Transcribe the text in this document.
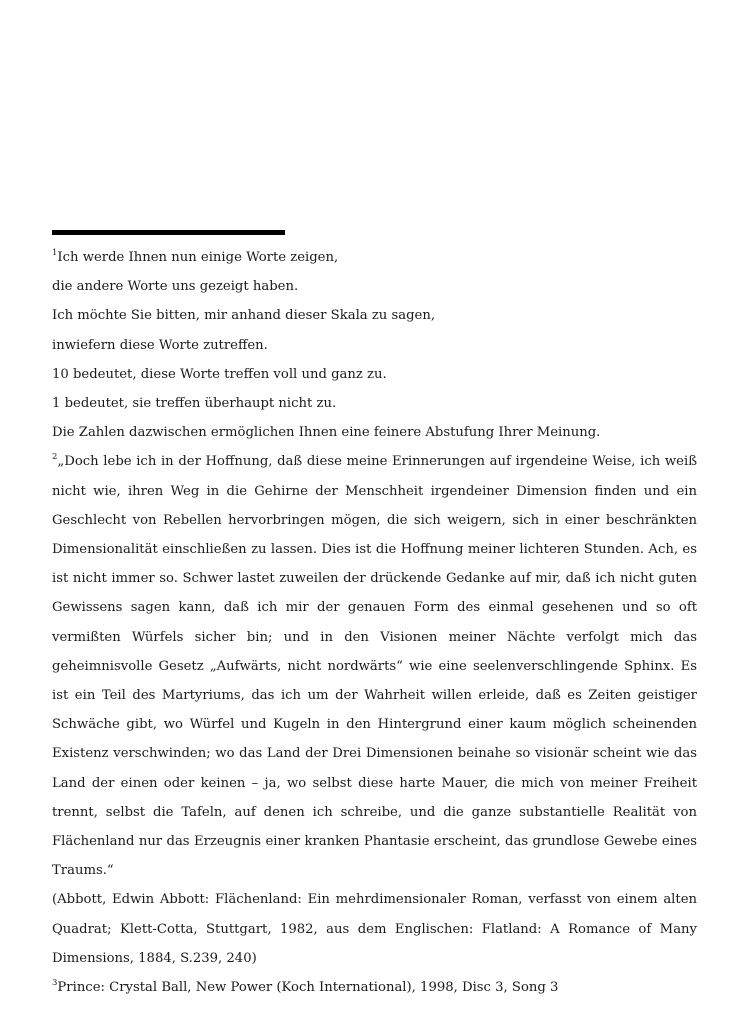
$^1$Ich werde Ihnen nun einige Worte zeigen,
die andere Worte uns gezeigt haben.
Ich möchte Sie bitten, mir anhand dieser Skala zu sagen,
inwiefern diese Worte zutreffen.
10 bedeutet, diese Worte treffen voll und ganz zu.
1 bedeutet, sie treffen überhaupt nicht zu.
Die Zahlen dazwischen ermöglichen Ihnen eine feinere Abstufung Ihrer Meinung.
$^2$„Doch lebe ich in der Hoffnung, daß diese meine Erinnerungen auf irgendeine Weise, ich weiß nicht wie, ihren Weg in die Gehirne der Menschheit irgendeiner Dimension finden und ein Geschlecht von Rebellen hervorbringen mögen, die sich weigern, sich in einer beschränkten Dimensionalität einschließen zu lassen. Dies ist die Hoffnung meiner lichteren Stunden. Ach, es ist nicht immer so. Schwer lastet zuweilen der drückende Gedanke auf mir, daß ich nicht guten Gewissens sagen kann, daß ich mir der genauen Form des einmal gesehenen und so oft vermißten Würfels sicher bin; und in den Visionen meiner Nächte verfolgt mich das geheimnisvolle Gesetz „Aufwärts, nicht nordwärts“ wie eine seelenverschlingende Sphinx. Es ist ein Teil des Martyriums, das ich um der Wahrheit willen erleide, daß es Zeiten geistiger Schwäche gibt, wo Würfel und Kugeln in den Hintergrund einer kaum möglich scheinenden Existenz verschwinden; wo das Land der Drei Dimensionen beinahe so visionär scheint wie das Land der einen oder keinen – ja, wo selbst diese harte Mauer, die mich von meiner Freiheit trennt, selbst die Tafeln, auf denen ich schreibe, und die ganze substantielle Realität von Flächenland nur das Erzeugnis einer kranken Phantasie erscheint, das grundlose Gewebe eines Traums.“
(Abbott, Edwin Abbott: Flächenland: Ein mehrdimensionaler Roman, verfasst von einem alten Quadrat; Klett-Cotta, Stuttgart, 1982, aus dem Englischen: Flatland: A Romance of Many Dimensions, 1884, S.239, 240)
$^3$Prince: Crystal Ball, New Power (Koch International), 1998, Disc 3, Song 3
